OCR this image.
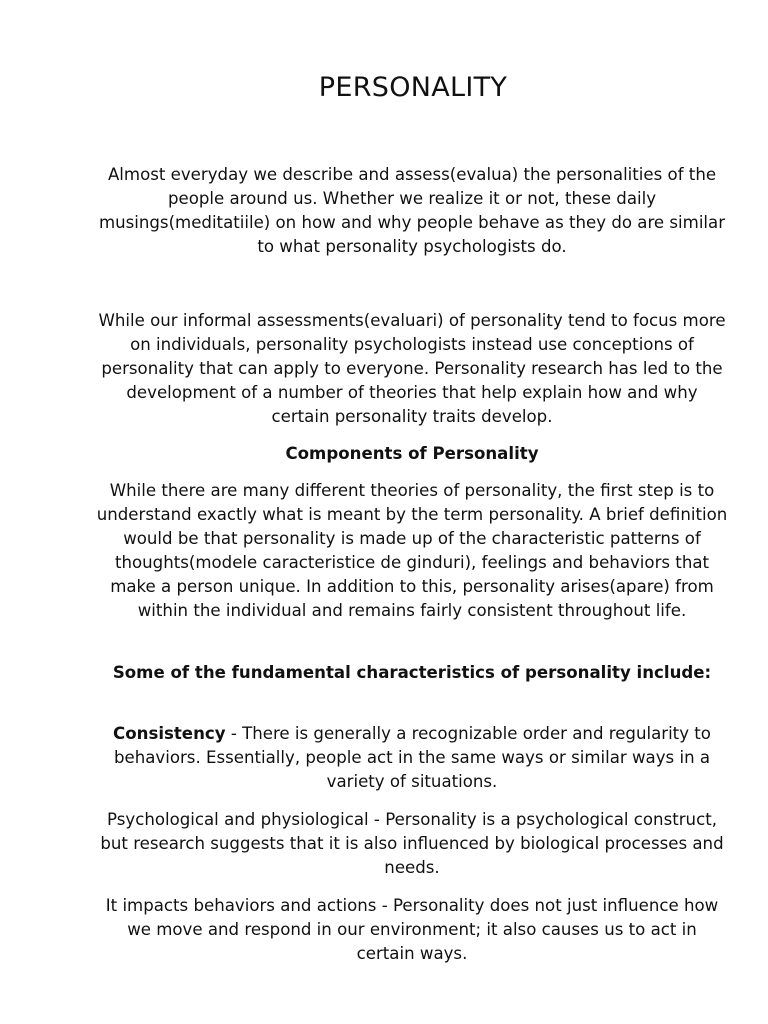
PERSONALITY

Almost everyday we describe and assess(evalua) the personalities of the people around us. Whether we realize it or not, these daily musings(meditatiile) on how and why people behave as they do are similar to what personality psychologists do.

While our informal assessments(evaluari) of personality tend to focus more on individuals, personality psychologists instead use conceptions of personality that can apply to everyone. Personality research has led to the development of a number of theories that help explain how and why certain personality traits develop.

Components of Personality

While there are many different theories of personality, the first step is to understand exactly what is meant by the term personality. A brief definition would be that personality is made up of the characteristic patterns of thoughts(modele caracteristice de ginduri), feelings and behaviors that make a person unique. In addition to this, personality arises(apare) from within the individual and remains fairly consistent throughout life.

Some of the fundamental characteristics of personality include:

Consistency - There is generally a recognizable order and regularity to behaviors. Essentially, people act in the same ways or similar ways in a variety of situations.

Psychological and physiological - Personality is a psychological construct, but research suggests that it is also influenced by biological processes and needs.

It impacts behaviors and actions - Personality does not just influence how we move and respond in our environment; it also causes us to act in certain ways.
